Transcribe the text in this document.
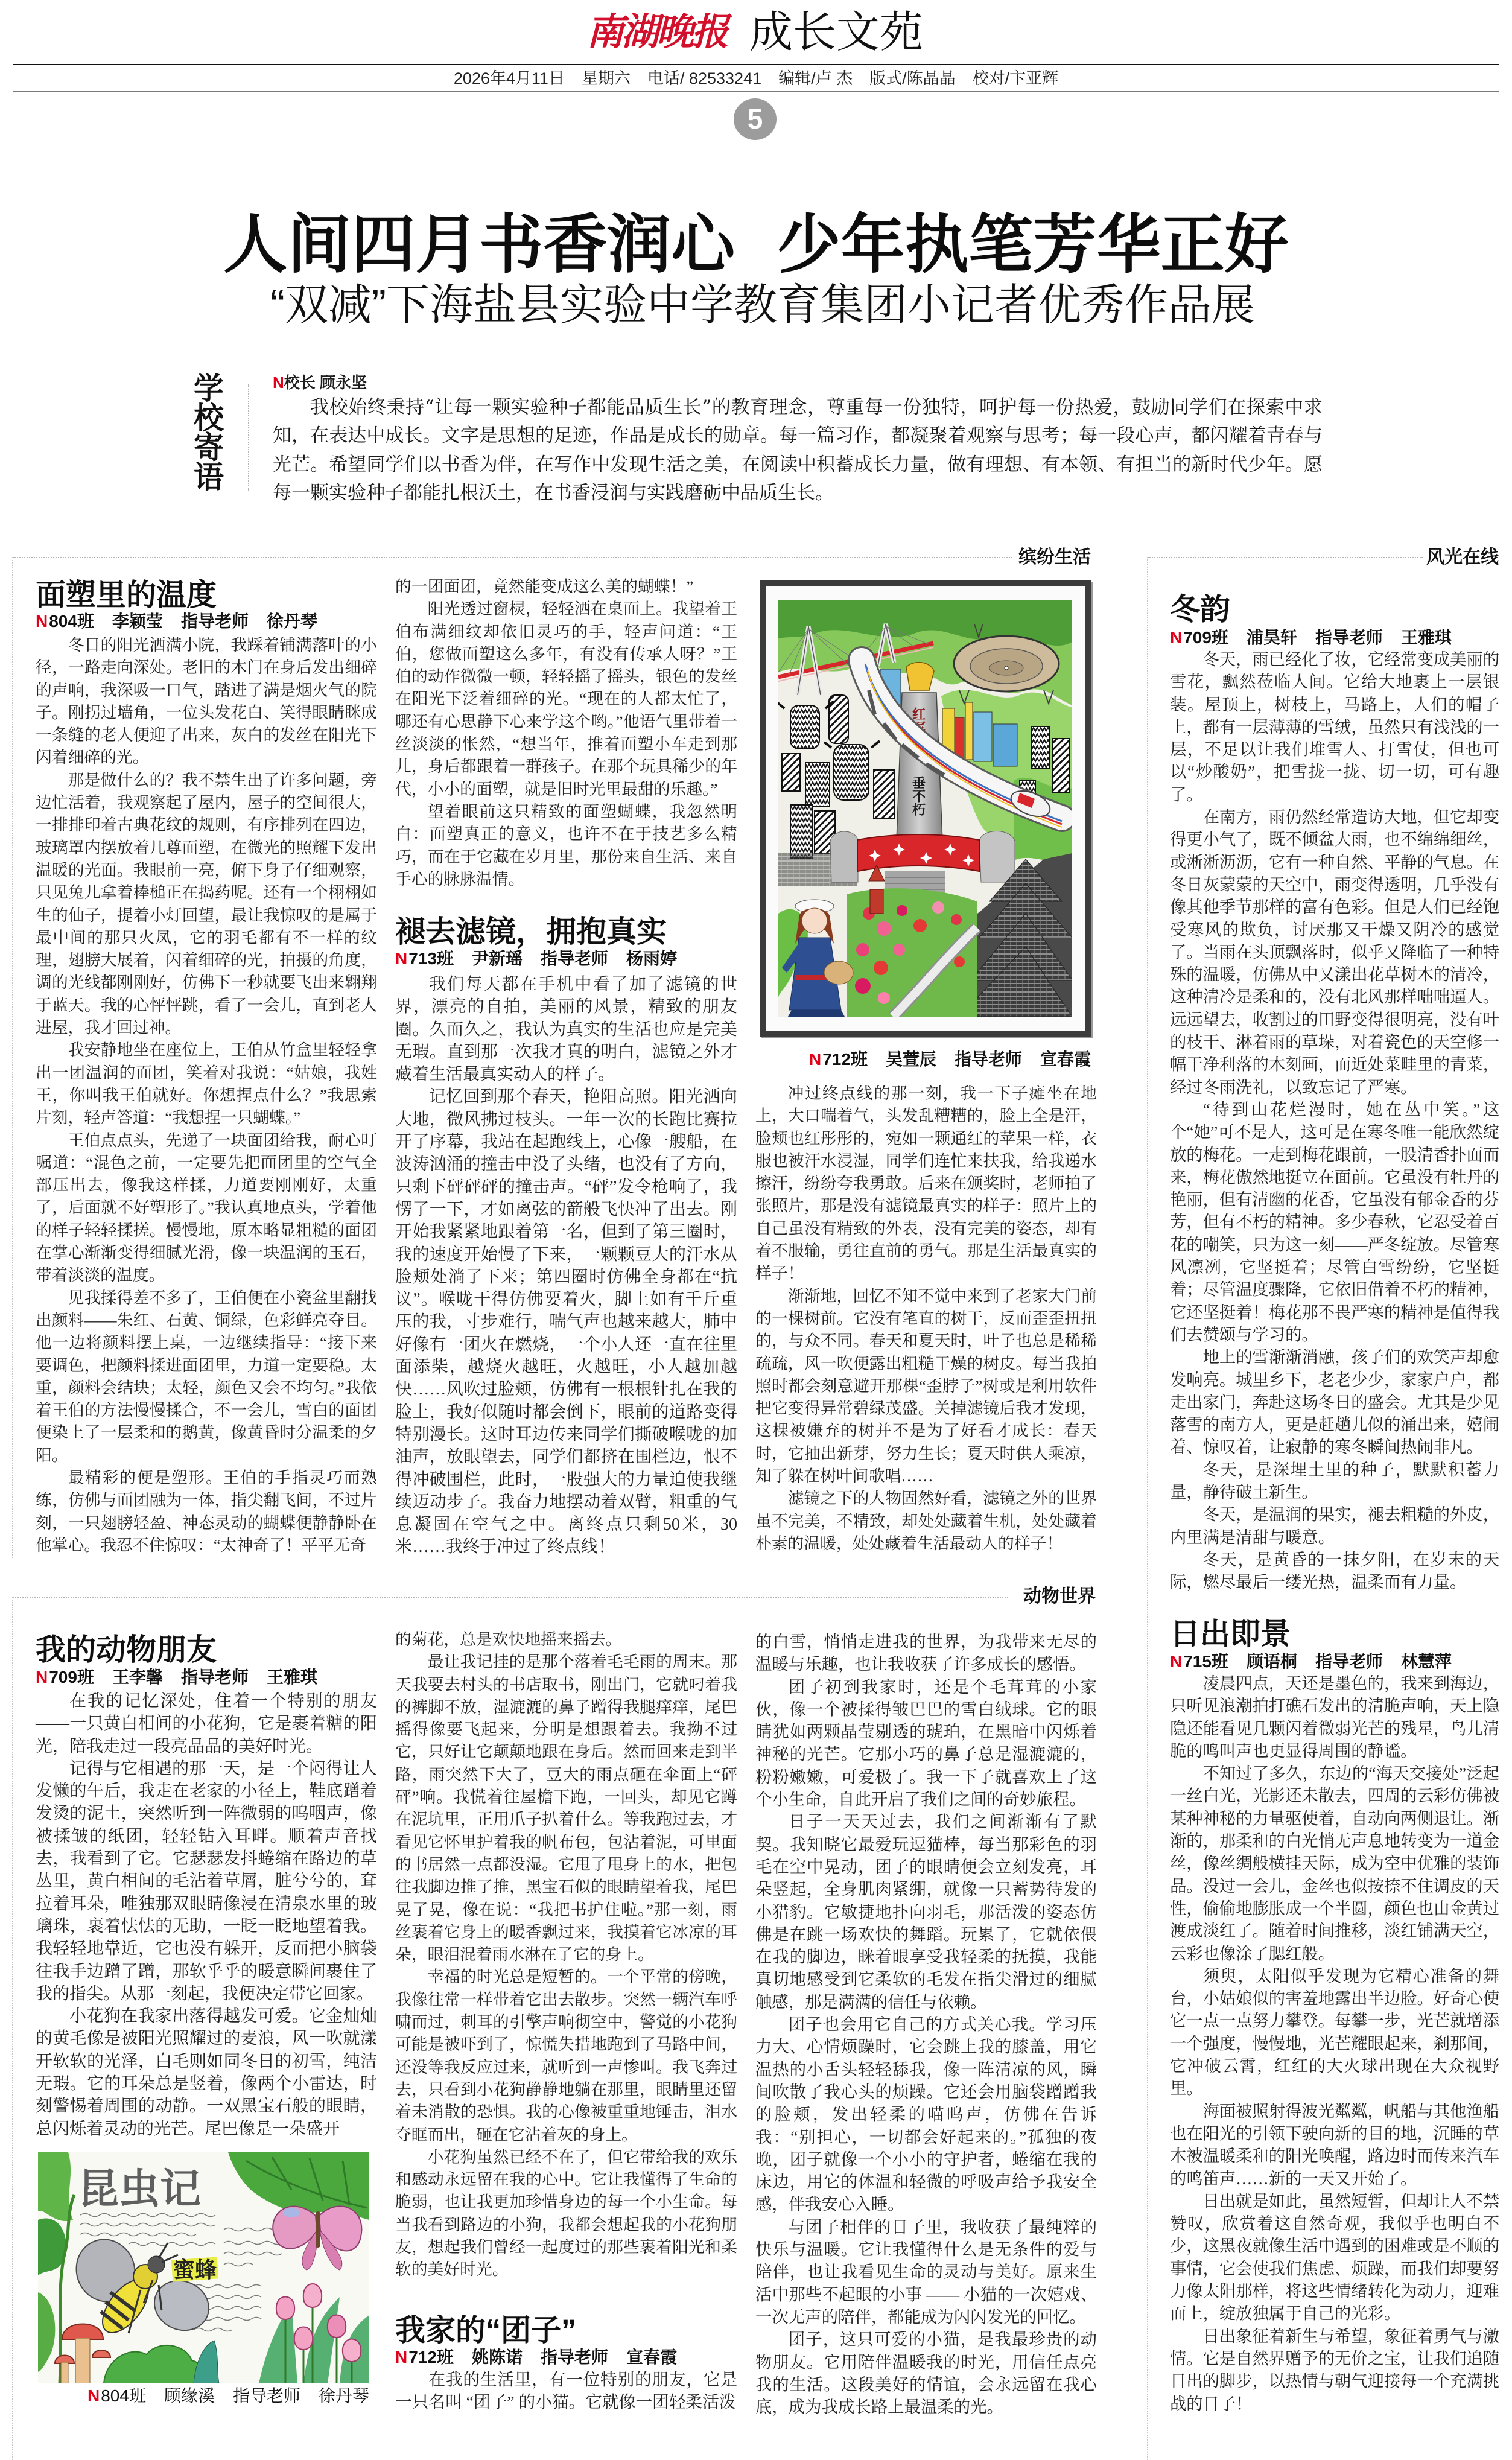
南湖晚报 成长文苑
2026年4月11日 星期六 电话/ 82533241 编辑/卢 杰 版式/陈晶晶 校对/卞亚辉
5
人间四月书香润心 少年执笔芳华正好
“双减”下海盐县实验中学教育集团小记者优秀作品展
学校寄语
N校长 顾永坚
我校始终秉持“让每一颗实验种子都能品质生长”的教育理念，尊重每一份独特，呵护每一份热爱，鼓励同学们在探索中求知，在表达中成长。文字是思想的足迹，作品是成长的勋章。每一篇习作，都凝聚着观察与思考；每一段心声，都闪耀着青春与光芒。希望同学们以书香为伴，在写作中发现生活之美，在阅读中积蓄成长力量，做有理想、有本领、有担当的新时代少年。愿每一颗实验种子都能扎根沃土，在书香浸润与实践磨砺中品质生长。
缤纷生活	风光在线
动物世界
面塑里的温度
N 804班 李颖莹 指导老师 徐丹琴

冬日的阳光洒满小院，我踩着铺满落叶的小径，一路走向深处。老旧的木门在身后发出细碎的声响，我深吸一口气，踏进了满是烟火气的院子。刚拐过墙角，一位头发花白、笑得眼睛眯成一条缝的老人便迎了出来，灰白的发丝在阳光下闪着细碎的光。

那是做什么的？我不禁生出了许多问题，旁边忙活着，我观察起了屋内，屋子的空间很大，一排排印着古典花纹的规则，有序排列在四边，玻璃罩内摆放着几尊面塑，在微光的照耀下发出温暖的光面。我眼前一亮，俯下身子仔细观察，只见兔儿拿着棒槌正在捣药呢。还有一个栩栩如生的仙子，提着小灯回望，最让我惊叹的是属于最中间的那只火凤，它的羽毛都有不一样的纹理，翅膀大展着，闪着细碎的光，拍摄的角度，调的光线都刚刚好，仿佛下一秒就要飞出来翱翔于蓝天。我的心怦怦跳，看了一会儿，直到老人进屋，我才回过神。

我安静地坐在座位上，王伯从竹盒里轻轻拿出一团温润的面团，笑着对我说：“姑娘，我姓王，你叫我王伯就好。你想捏点什么？”我思索片刻，轻声答道：“我想捏一只蝴蝶。”

王伯点点头，先递了一块面团给我，耐心叮嘱道：“混色之前，一定要先把面团里的空气全部压出去，像我这样揉，力道要刚刚好，太重了，后面就不好塑形了。”我认真地点头，学着他的样子轻轻揉搓。慢慢地，原本略显粗糙的面团在掌心渐渐变得细腻光滑，像一块温润的玉石，带着淡淡的温度。

见我揉得差不多了，王伯便在小瓷盆里翻找出颜料——朱红、石黄、铜绿，色彩鲜亮夺目。他一边将颜料摆上桌，一边继续指导：“接下来要调色，把颜料揉进面团里，力道一定要稳。太重，颜料会结块；太轻，颜色又会不均匀。”我依着王伯的方法慢慢揉合，不一会儿，雪白的面团便染上了一层柔和的鹅黄，像黄昏时分温柔的夕阳。

最精彩的便是塑形。王伯的手指灵巧而熟练，仿佛与面团融为一体，指尖翻飞间，不过片刻，一只翅膀轻盈、神态灵动的蝴蝶便静静卧在他掌心。我忍不住惊叹：“太神奇了！平平无奇

的一团面团，竟然能变成这么美的蝴蝶！”

阳光透过窗棂，轻轻洒在桌面上。我望着王伯布满细纹却依旧灵巧的手，轻声问道：“王伯，您做面塑这么多年，有没有传承人呀？”王伯的动作微微一顿，轻轻摇了摇头，银色的发丝在阳光下泛着细碎的光。“现在的人都太忙了，哪还有心思静下心来学这个哟。”他语气里带着一丝淡淡的怅然，“想当年，推着面塑小车走到那儿，身后都跟着一群孩子。在那个玩具稀少的年代，小小的面塑，就是旧时光里最甜的乐趣。”

望着眼前这只精致的面塑蝴蝶，我忽然明白：面塑真正的意义，也许不在于技艺多么精巧，而在于它藏在岁月里，那份来自生活、来自手心的脉脉温情。

褪去滤镜，拥抱真实
N 713班 尹新瑶 指导老师 杨雨婷

我们每天都在手机中看了加了滤镜的世界，漂亮的自拍，美丽的风景，精致的朋友圈。久而久之，我认为真实的生活也应是完美无瑕。直到那一次我才真的明白，滤镜之外才藏着生活最真实动人的样子。

记忆回到那个春天，艳阳高照。阳光洒向大地，微风拂过枝头。一年一次的长跑比赛拉开了序幕，我站在起跑线上，心像一艘船，在波涛汹涌的撞击中没了头绪，也没有了方向，只剩下砰砰砰的撞击声。“砰”发令枪响了，我愣了一下，才如离弦的箭般飞快冲了出去。刚开始我紧紧地跟着第一名，但到了第三圈时，我的速度开始慢了下来，一颗颗豆大的汗水从脸颊处淌了下来；第四圈时仿佛全身都在“抗议”。喉咙干得仿佛要着火，脚上如有千斤重压的我，寸步难行，喘气声也越来越大，肺中好像有一团火在燃烧，一个小人还一直在往里面添柴，越烧火越旺，火越旺，小人越加越快……风吹过脸颊，仿佛有一根根针扎在我的脸上，我好似随时都会倒下，眼前的道路变得特别漫长。这时耳边传来同学们撕破喉咙的加油声，放眼望去，同学们都挤在围栏边，恨不得冲破围栏，此时，一股强大的力量迫使我继续迈动步子。我奋力地摆动着双臂，粗重的气息凝固在空气之中。离终点只剩50米，30米……我终于冲过了终点线！

冲过终点线的那一刻，我一下子瘫坐在地上，大口喘着气，头发乱糟糟的，脸上全是汗，脸颊也红彤彤的，宛如一颗通红的苹果一样，衣服也被汗水浸湿，同学们连忙来扶我，给我递水擦汗，纷纷夸我勇敢。后来在颁奖时，老师拍了张照片，那是没有滤镜最真实的样子：照片上的自己虽没有精致的外表，没有完美的姿态，却有着不服输，勇往直前的勇气。那是生活最真实的样子！

渐渐地，回忆不知不觉中来到了老家大门前的一棵树前。它没有笔直的树干，反而歪歪扭扭的，与众不同。春天和夏天时，叶子也总是稀稀疏疏，风一吹便露出粗糙干燥的树皮。每当我拍照时都会刻意避开那棵“歪脖子”树或是利用软件把它变得异常碧绿茂盛。关掉滤镜后我才发现，这棵被嫌弃的树并不是为了好看才成长：春天时，它抽出新芽，努力生长；夏天时供人乘凉，知了躲在树叶间歌唱……

滤镜之下的人物固然好看，滤镜之外的世界虽不完美，不精致，却处处藏着生机，处处藏着朴素的温暖，处处藏着生活最动人的样子！

红军
垂不朽
N 712班 吴萱辰 指导老师 宣春霞
冬韵
N 709班 浦昊轩 指导老师 王雅琪

冬天，雨已经化了妆，它经常变成美丽的雪花，飘然莅临人间。它给大地裹上一层银装。屋顶上，树枝上，马路上，人们的帽子上，都有一层薄薄的雪绒，虽然只有浅浅的一层，不足以让我们堆雪人、打雪仗，但也可以“炒酸奶”，把雪拢一拢、切一切，可有趣了。

在南方，雨仍然经常造访大地，但它却变得更小气了，既不倾盆大雨，也不绵绵细丝，或淅淅沥沥，它有一种自然、平静的气息。在冬日灰蒙蒙的天空中，雨变得透明，几乎没有像其他季节那样的富有色彩。但是人们已经饱受寒风的欺负，讨厌那又干燥又阴冷的感觉了。当雨在头顶飘落时，似乎又降临了一种特殊的温暖，仿佛从中又漾出花草树木的清冷，这种清冷是柔和的，没有北风那样咄咄逼人。远远望去，收割过的田野变得很明亮，没有叶的枝干、淋着雨的草垛，对着瓷色的天空修一幅干净利落的木刻画，而近处菜畦里的青菜，经过冬雨洗礼，以致忘记了严寒。

“待到山花烂漫时，她在丛中笑。”这个“她”可不是人，这可是在寒冬唯一能欣然绽放的梅花。一走到梅花跟前，一股清香扑面而来，梅花傲然地挺立在面前。它虽没有牡丹的艳丽，但有清幽的花香，它虽没有郁金香的芬芳，但有不朽的精神。多少春秋，它忍受着百花的嘲笑，只为这一刻——严冬绽放。尽管寒风凛冽，它坚挺着；尽管白雪纷纷，它坚挺着；尽管温度骤降，它依旧借着不朽的精神，它还坚挺着！梅花那不畏严寒的精神是值得我们去赞颂与学习的。

地上的雪渐渐消融，孩子们的欢笑声却愈发响亮。城里乡下，老老少少，家家户户，都走出家门，奔赴这场冬日的盛会。尤其是少见落雪的南方人，更是赶趟儿似的涌出来，嬉闹着、惊叹着，让寂静的寒冬瞬间热闹非凡。

冬天，是深埋土里的种子，默默积蓄力量，静待破土新生。

冬天，是温润的果实，褪去粗糙的外皮，内里满是清甜与暖意。

冬天，是黄昏的一抹夕阳，在岁末的天际，燃尽最后一缕光热，温柔而有力量。

日出即景
N 715班 顾语桐 指导老师 林慧萍

凌晨四点，天还是墨色的，我来到海边，只听见浪潮拍打礁石发出的清脆声响，天上隐隐还能看见几颗闪着微弱光芒的残星，鸟儿清脆的鸣叫声也更显得周围的静谧。

不知过了多久，东边的“海天交接处”泛起一丝白光，光影还未散去，四周的云彩仿佛被某种神秘的力量驱使着，自动向两侧退让。渐渐的，那柔和的白光悄无声息地转变为一道金丝，像丝绸般横挂天际，成为空中优雅的装饰品。没过一会儿，金丝也似按捺不住调皮的天性，偷偷地膨胀成一个半圆，颜色也由金黄过渡成淡红了。随着时间推移，淡红铺满天空，云彩也像涂了腮红般。

须臾，太阳似乎发现为它精心准备的舞台，小姑娘似的害羞地露出半边脸。好奇心使它一点一点努力攀登。每攀一步，光芒就增添一个强度，慢慢地，光芒耀眼起来，刹那间，它冲破云霄，红红的大火球出现在大众视野里。

海面被照射得波光粼粼，帆船与其他渔船也在阳光的引领下驶向新的目的地，沉睡的草木被温暖柔和的阳光唤醒，路边时而传来汽车的鸣笛声……新的一天又开始了。

日出就是如此，虽然短暂，但却让人不禁赞叹，欣赏着这自然奇观，我似乎也明白不少，这黑夜就像生活中遇到的困难或是不顺的事情，它会使我们焦虑、烦躁，而我们却要努力像太阳那样，将这些情绪转化为动力，迎难而上，绽放独属于自己的光彩。

日出象征着新生与希望，象征着勇气与激情。它是自然界赠予的无价之宝，让我们追随日出的脚步，以热情与朝气迎接每一个充满挑战的日子！

我的动物朋友
N 709班 王李馨 指导老师 王雅琪

在我的记忆深处，住着一个特别的朋友——一只黄白相间的小花狗，它是裹着糖的阳光，陪我走过一段亮晶晶的美好时光。

记得与它相遇的那一天，是一个闷得让人发懒的午后，我走在老家的小径上，鞋底蹭着发烫的泥土，突然听到一阵微弱的呜咽声，像被揉皱的纸团，轻轻钻入耳畔。顺着声音找去，我看到了它。它瑟瑟发抖蜷缩在路边的草丛里，黄白相间的毛沾着草屑，脏兮兮的，耷拉着耳朵，唯独那双眼睛像浸在清泉水里的玻璃珠，裹着怯怯的无助，一眨一眨地望着我。我轻轻地靠近，它也没有躲开，反而把小脑袋往我手边蹭了蹭，那软乎乎的暖意瞬间裹住了我的指尖。从那一刻起，我便决定带它回家。

小花狗在我家出落得越发可爱。它金灿灿的黄毛像是被阳光照耀过的麦浪，风一吹就漾开软软的光泽，白毛则如同冬日的初雪，纯洁无瑕。它的耳朵总是竖着，像两个小雷达，时刻警惕着周围的动静。一双黑宝石般的眼睛，总闪烁着灵动的光芒。尾巴像是一朵盛开

的菊花，总是欢快地摇来摇去。

最让我记挂的是那个落着毛毛雨的周末。那天我要去村头的书店取书，刚出门，它就叼着我的裤脚不放，湿漉漉的鼻子蹭得我腿痒痒，尾巴摇得像要飞起来，分明是想跟着去。我拗不过它，只好让它颠颠地跟在身后。然而回来走到半路，雨突然下大了，豆大的雨点砸在伞面上“砰砰”响。我慌着往屋檐下跑，一回头，却见它蹲在泥坑里，正用爪子扒着什么。等我跑过去，才看见它怀里护着我的帆布包，包沾着泥，可里面的书居然一点都没湿。它甩了甩身上的水，把包往我脚边推了推，黑宝石似的眼睛望着我，尾巴晃了晃，像在说：“我把书护住啦。”那一刻，雨丝裹着它身上的暖香飘过来，我摸着它冰凉的耳朵，眼泪混着雨水淋在了它的身上。

幸福的时光总是短暂的。一个平常的傍晚，我像往常一样带着它出去散步。突然一辆汽车呼啸而过，刺耳的引擎声响彻空中，警觉的小花狗可能是被吓到了，惊慌失措地跑到了马路中间，还没等我反应过来，就听到一声惨叫。我飞奔过去，只看到小花狗静静地躺在那里，眼睛里还留着未消散的恐惧。我的心像被重重地锤击，泪水夺眶而出，砸在它沾着灰的身上。

小花狗虽然已经不在了，但它带给我的欢乐和感动永远留在我的心中。它让我懂得了生命的脆弱，也让我更加珍惜身边的每一个小生命。每当我看到路边的小狗，我都会想起我的小花狗朋友，想起我们曾经一起度过的那些裹着阳光和柔软的美好时光。

昆虫记
蜜蜂
N 804班 顾缘溪 指导老师 徐丹琴
我家的“团子”
N 712班 姚陈诺 指导老师 宣春霞

在我的生活里，有一位特别的朋友，它是一只名叫 “团子” 的小猫。它就像一团轻柔活泼

的白雪，悄悄走进我的世界，为我带来无尽的温暖与乐趣，也让我收获了许多成长的感悟。

团子初到我家时，还是个毛茸茸的小家伙，像一个被揉得皱巴巴的雪白绒球。它的眼睛犹如两颗晶莹剔透的琥珀，在黑暗中闪烁着神秘的光芒。它那小巧的鼻子总是湿漉漉的，粉粉嫩嫩，可爱极了。我一下子就喜欢上了这个小生命，自此开启了我们之间的奇妙旅程。

日子一天天过去，我们之间渐渐有了默契。我知晓它最爱玩逗猫棒，每当那彩色的羽毛在空中晃动，团子的眼睛便会立刻发亮，耳朵竖起，全身肌肉紧绷，就像一只蓄势待发的小猎豹。它敏捷地扑向羽毛，那活泼的姿态仿佛是在跳一场欢快的舞蹈。玩累了，它就依偎在我的脚边，眯着眼享受我轻柔的抚摸，我能真切地感受到它柔软的毛发在指尖滑过的细腻触感，那是满满的信任与依赖。

团子也会用它自己的方式关心我。学习压力大、心情烦躁时，它会跳上我的膝盖，用它温热的小舌头轻轻舔我，像一阵清凉的风，瞬间吹散了我心头的烦躁。它还会用脑袋蹭蹭我的脸颊，发出轻柔的喵呜声，仿佛在告诉我：“别担心，一切都会好起来的。”孤独的夜晚，团子就像一个小小的守护者，蜷缩在我的床边，用它的体温和轻微的呼吸声给予我安全感，伴我安心入睡。

与团子相伴的日子里，我收获了最纯粹的快乐与温暖。它让我懂得什么是无条件的爱与陪伴，也让我看见生命的灵动与美好。原来生活中那些不起眼的小事 —— 小猫的一次嬉戏、一次无声的陪伴，都能成为闪闪发光的回忆。

团子，这只可爱的小猫，是我最珍贵的动物朋友。它用陪伴温暖我的时光，用信任点亮我的生活。这段美好的情谊，会永远留在我心底，成为我成长路上最温柔的光。
